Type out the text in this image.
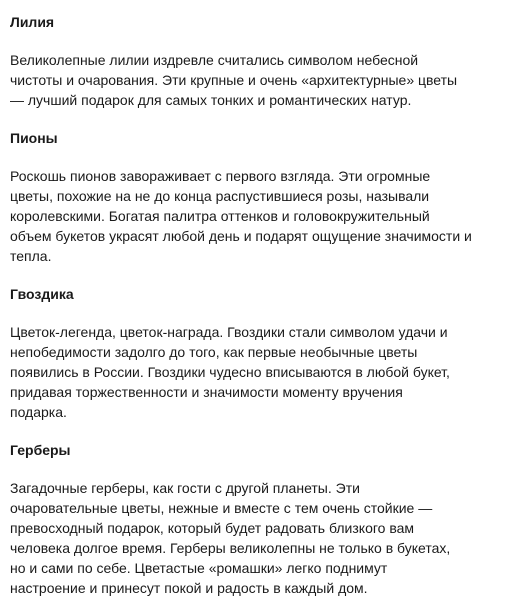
Лилия
Великолепные лилии издревле считались символом небесной
чистоты и очарования. Эти крупные и очень «архитектурные» цветы
— лучший подарок для самых тонких и романтических натур.
Пионы
Роскошь пионов завораживает с первого взгляда. Эти огромные
цветы, похожие на не до конца распустившиеся розы, называли
королевскими. Богатая палитра оттенков и головокружительный
объем букетов украсят любой день и подарят ощущение значимости и
тепла.
Гвоздика
Цветок-легенда, цветок-награда. Гвоздики стали символом удачи и
непобедимости задолго до того, как первые необычные цветы
появились в России. Гвоздики чудесно вписываются в любой букет,
придавая торжественности и значимости моменту вручения
подарка.
Герберы
Загадочные герберы, как гости с другой планеты. Эти
очаровательные цветы, нежные и вместе с тем очень стойкие —
превосходный подарок, который будет радовать близкого вам
человека долгое время. Герберы великолепны не только в букетах,
но и сами по себе. Цветастые «ромашки» легко поднимут
настроение и принесут покой и радость в каждый дом.
